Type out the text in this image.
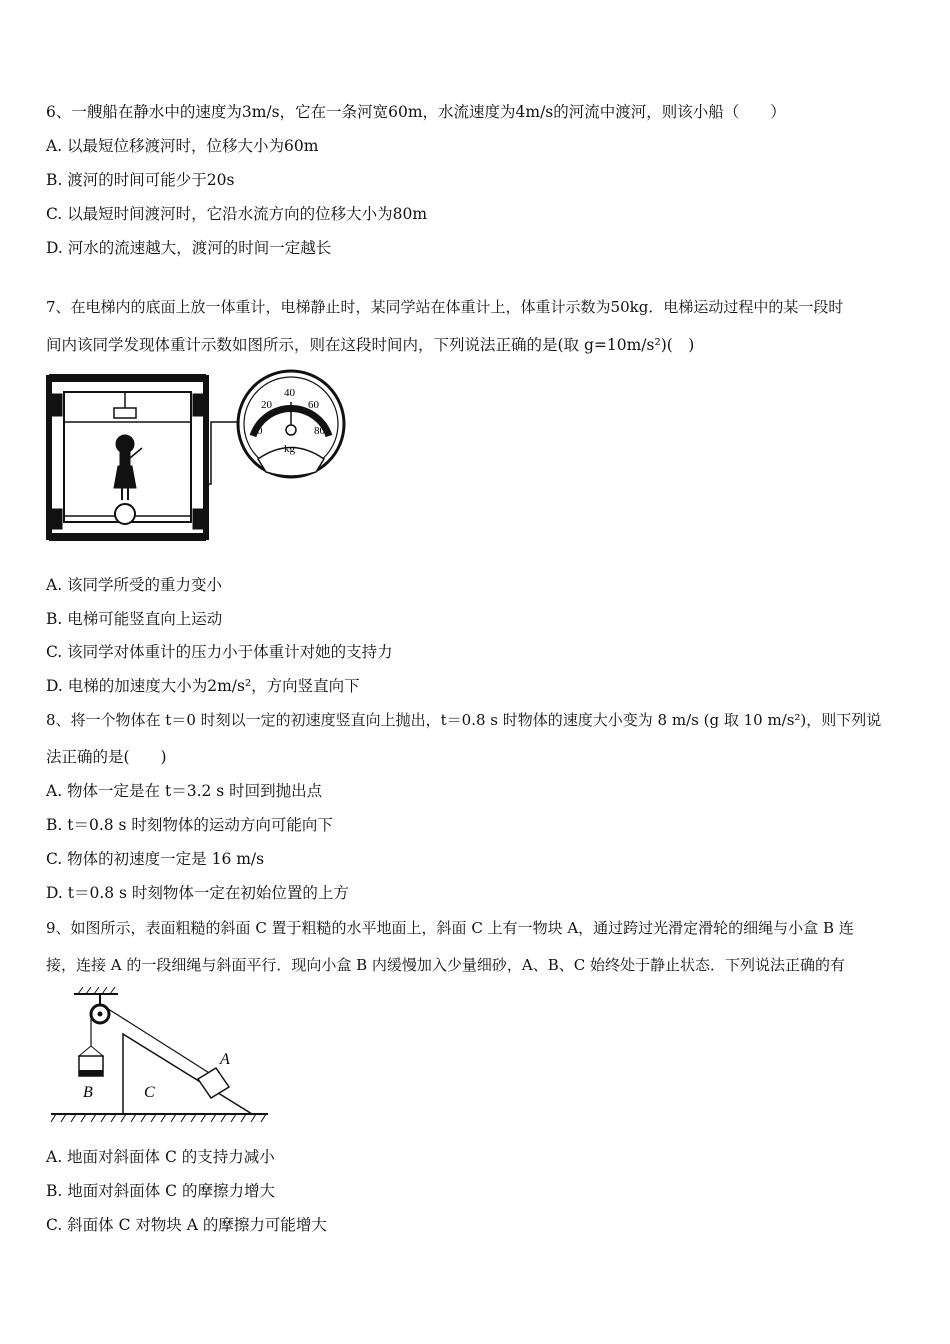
6、一艘船在静水中的速度为3m/s，它在一条河宽60m，水流速度为4m/s的河流中渡河，则该小船（　　）
A. 以最短位移渡河时，位移大小为60m
B. 渡河的时间可能少于20s
C. 以最短时间渡河时，它沿水流方向的位移大小为80m
D. 河水的流速越大，渡河的时间一定越长
7、在电梯内的底面上放一体重计，电梯静止时，某同学站在体重计上，体重计示数为50kg．电梯运动过程中的某一段时
间内该同学发现体重计示数如图所示，则在这段时间内，下列说法正确的是(取 g=10m/s²)(　)
0
20
40
60
80
kg
A. 该同学所受的重力变小
B. 电梯可能竖直向上运动
C. 该同学对体重计的压力小于体重计对她的支持力
D. 电梯的加速度大小为2m/s²，方向竖直向下
8、将一个物体在 t＝0 时刻以一定的初速度竖直向上抛出，t＝0.8 s 时物体的速度大小变为 8 m/s (g 取 10 m/s²)，则下列说
法正确的是(　　)
A. 物体一定是在 t＝3.2 s 时回到抛出点
B. t＝0.8 s 时刻物体的运动方向可能向下
C. 物体的初速度一定是 16 m/s
D. t＝0.8 s 时刻物体一定在初始位置的上方
9、如图所示，表面粗糙的斜面 C 置于粗糙的水平地面上，斜面 C 上有一物块 A，通过跨过光滑定滑轮的细绳与小盒 B 连
接，连接 A 的一段细绳与斜面平行．现向小盒 B 内缓慢加入少量细砂，A、B、C 始终处于静止状态．下列说法正确的有
B	C
A
A. 地面对斜面体 C 的支持力减小
B. 地面对斜面体 C 的摩擦力增大
C. 斜面体 C 对物块 A 的摩擦力可能增大
